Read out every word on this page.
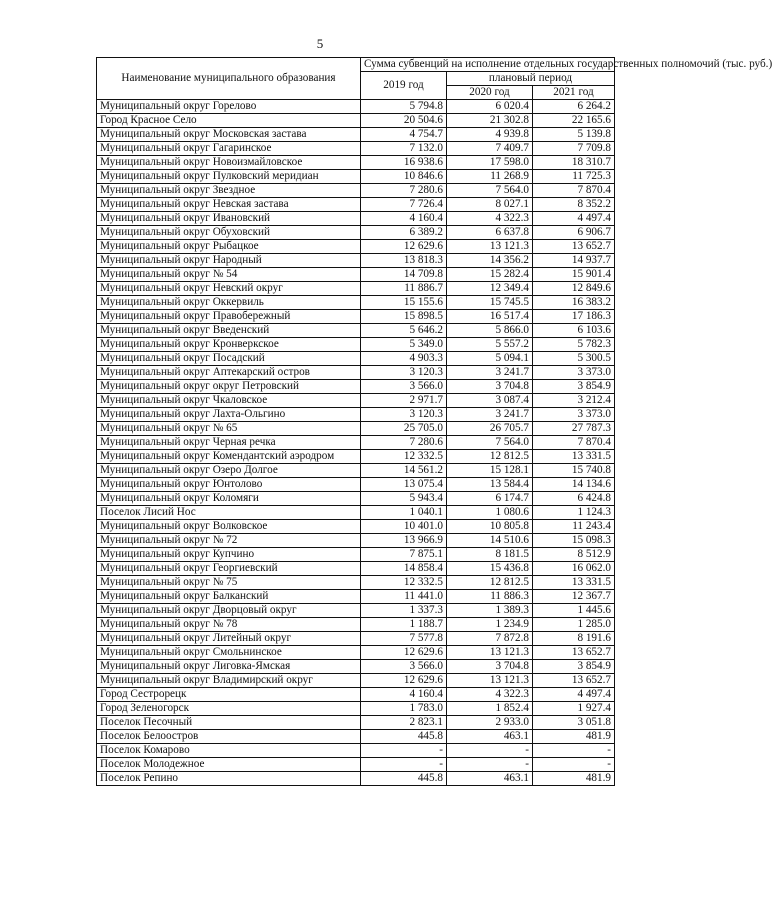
5
Наименование муниципального образования	Сумма субвенций на исполнение отдельных государственных полномочий (тыс. руб.)		
	2019 год	плановый период	
		2020 год	2021 год
Муниципальный округ Горелово	5 794.8	6 020.4	6 264.2
Город Красное Село	20 504.6	21 302.8	22 165.6
Муниципальный округ Московская застава	4 754.7	4 939.8	5 139.8
Муниципальный округ Гагаринское	7 132.0	7 409.7	7 709.8
Муниципальный округ Новоизмайловское	16 938.6	17 598.0	18 310.7
Муниципальный округ Пулковский меридиан	10 846.6	11 268.9	11 725.3
Муниципальный округ Звездное	7 280.6	7 564.0	7 870.4
Муниципальный округ Невская застава	7 726.4	8 027.1	8 352.2
Муниципальный округ Ивановский	4 160.4	4 322.3	4 497.4
Муниципальный округ Обуховский	6 389.2	6 637.8	6 906.7
Муниципальный округ Рыбацкое	12 629.6	13 121.3	13 652.7
Муниципальный округ Народный	13 818.3	14 356.2	14 937.7
Муниципальный округ № 54	14 709.8	15 282.4	15 901.4
Муниципальный округ Невский округ	11 886.7	12 349.4	12 849.6
Муниципальный округ Оккервиль	15 155.6	15 745.5	16 383.2
Муниципальный округ Правобережный	15 898.5	16 517.4	17 186.3
Муниципальный округ Введенский	5 646.2	5 866.0	6 103.6
Муниципальный округ Кронверкское	5 349.0	5 557.2	5 782.3
Муниципальный округ Посадский	4 903.3	5 094.1	5 300.5
Муниципальный округ Аптекарский остров	3 120.3	3 241.7	3 373.0
Муниципальный округ округ Петровский	3 566.0	3 704.8	3 854.9
Муниципальный округ Чкаловское	2 971.7	3 087.4	3 212.4
Муниципальный округ Лахта-Ольгино	3 120.3	3 241.7	3 373.0
Муниципальный округ № 65	25 705.0	26 705.7	27 787.3
Муниципальный округ Черная речка	7 280.6	7 564.0	7 870.4
Муниципальный округ Комендантский аэродром	12 332.5	12 812.5	13 331.5
Муниципальный округ Озеро Долгое	14 561.2	15 128.1	15 740.8
Муниципальный округ Юнтолово	13 075.4	13 584.4	14 134.6
Муниципальный округ Коломяги	5 943.4	6 174.7	6 424.8
Поселок Лисий Нос	1 040.1	1 080.6	1 124.3
Муниципальный округ Волковское	10 401.0	10 805.8	11 243.4
Муниципальный округ № 72	13 966.9	14 510.6	15 098.3
Муниципальный округ Купчино	7 875.1	8 181.5	8 512.9
Муниципальный округ Георгиевский	14 858.4	15 436.8	16 062.0
Муниципальный округ № 75	12 332.5	12 812.5	13 331.5
Муниципальный округ Балканский	11 441.0	11 886.3	12 367.7
Муниципальный округ Дворцовый округ	1 337.3	1 389.3	1 445.6
Муниципальный округ № 78	1 188.7	1 234.9	1 285.0
Муниципальный округ Литейный округ	7 577.8	7 872.8	8 191.6
Муниципальный округ Смольнинское	12 629.6	13 121.3	13 652.7
Муниципальный округ Лиговка-Ямская	3 566.0	3 704.8	3 854.9
Муниципальный округ Владимирский округ	12 629.6	13 121.3	13 652.7
Город Сестрорецк	4 160.4	4 322.3	4 497.4
Город Зеленогорск	1 783.0	1 852.4	1 927.4
Поселок Песочный	2 823.1	2 933.0	3 051.8
Поселок Белоостров	445.8	463.1	481.9
Поселок Комарово	-	-	-
Поселок Молодежное	-	-	-
Поселок Репино	445.8	463.1	481.9
